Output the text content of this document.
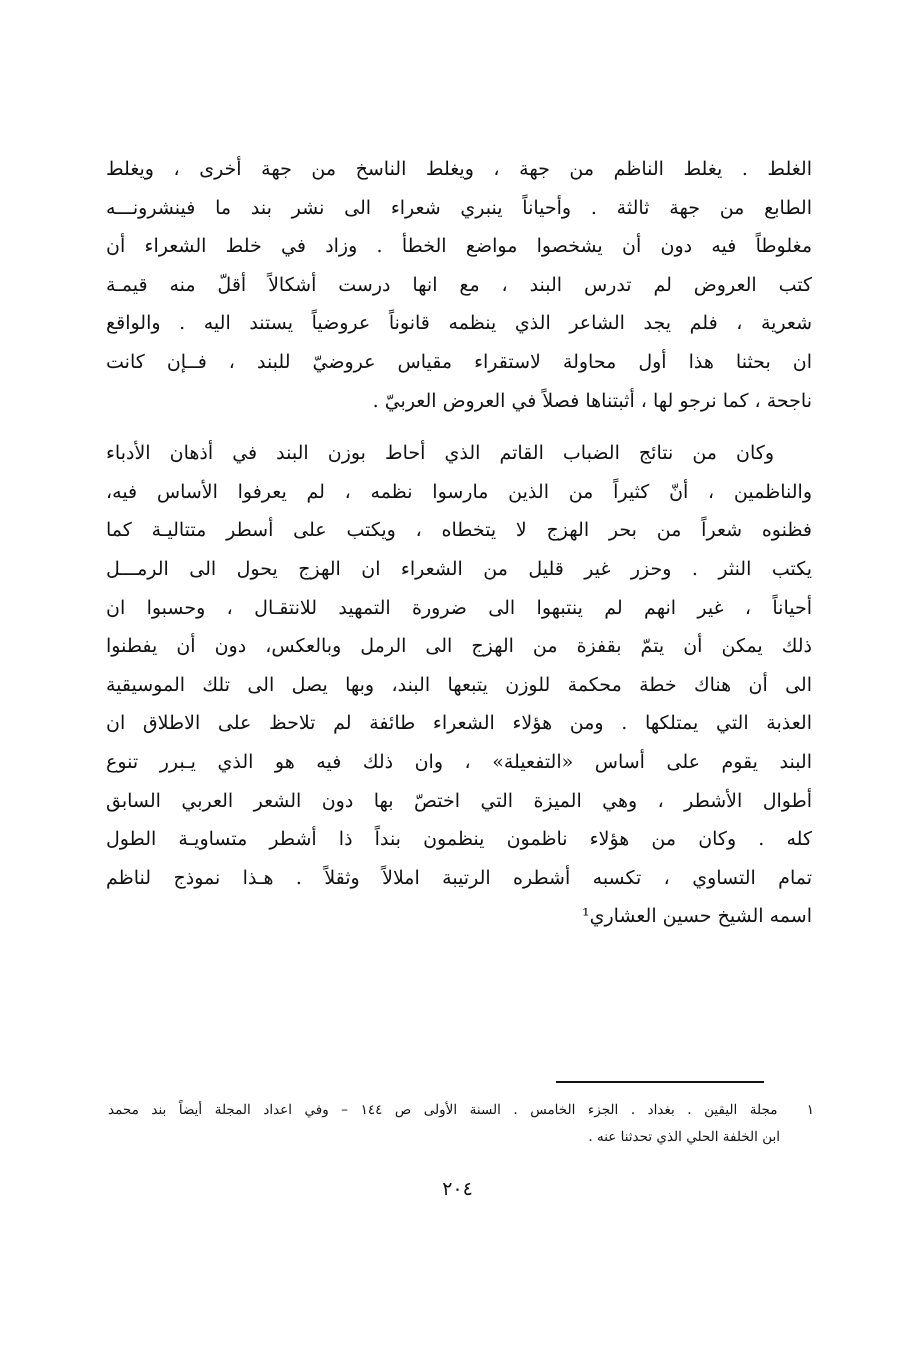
الغلط . يغلط الناظم من جهة ، ويغلط الناسخ من جهة أخرى ، ويغلط
الطابع من جهة ثالثة . وأحياناً ينبري شعراء الى نشر بند ما فينشرونـــه
مغلوطاً فيه دون أن يشخصوا مواضع الخطأ . وزاد في خلط الشعراء أن
كتب العروض لم تدرس البند ، مع انها درست أشكالاً أقلّ منه قيمـة
شعرية ، فلم يجد الشاعر الذي ينظمه قانوناً عروضياً يستند اليه . والواقع
ان بحثنا هذا أول محاولة لاستقراء مقياس عروضيّ للبند ، فــإن كانت
ناجحة ، كما نرجو لها ، أثبتناها فصلاً في العروض العربيّ .
وكان من نتائج الضباب القاتم الذي أحاط بوزن البند في أذهان الأدباء
والناظمين ، أنّ كثيراً من الذين مارسوا نظمه ، لم يعرفوا الأساس فيه،
فظنوه شعراً من بحر الهزج لا يتخطاه ، ويكتب على أسطر متتاليـة كما
يكتب النثر . وحزر غير قليل من الشعراء ان الهزج يحول الى الرمـــل
أحياناً ، غير انهم لم ينتبهوا الى ضرورة التمهيد للانتقـال ، وحسبوا ان
ذلك يمكن أن يتمّ بقفزة من الهزج الى الرمل وبالعكس، دون أن يفطنوا
الى أن هناك خطة محكمة للوزن يتبعها البند، وبها يصل الى تلك الموسيقية
العذبة التي يمتلكها . ومن هؤلاء الشعراء طائفة لم تلاحظ على الاطلاق ان
البند يقوم على أساس «التفعيلة» ، وان ذلك فيه هو الذي يـبرر تنوع
أطوال الأشطر ، وهي الميزة التي اختصّ بها دون الشعر العربي السابق
كله . وكان من هؤلاء ناظمون ينظمون بنداً ذا أشطر متساويـة الطول
تمام التساوي ، تكسبه أشطره الرتيبة املالاً وثقلاً . هـذا نموذج لناظم
اسمه الشيخ حسين العشاري¹
١ مجلة اليقين . بغداد . الجزء الخامس . السنة الأولى ص ١٤٤ – وفي اعداد المجلة أيضاً بند محمد
ابن الخلفة الحلي الذي تحدثنا عنه .
٢٠٤
